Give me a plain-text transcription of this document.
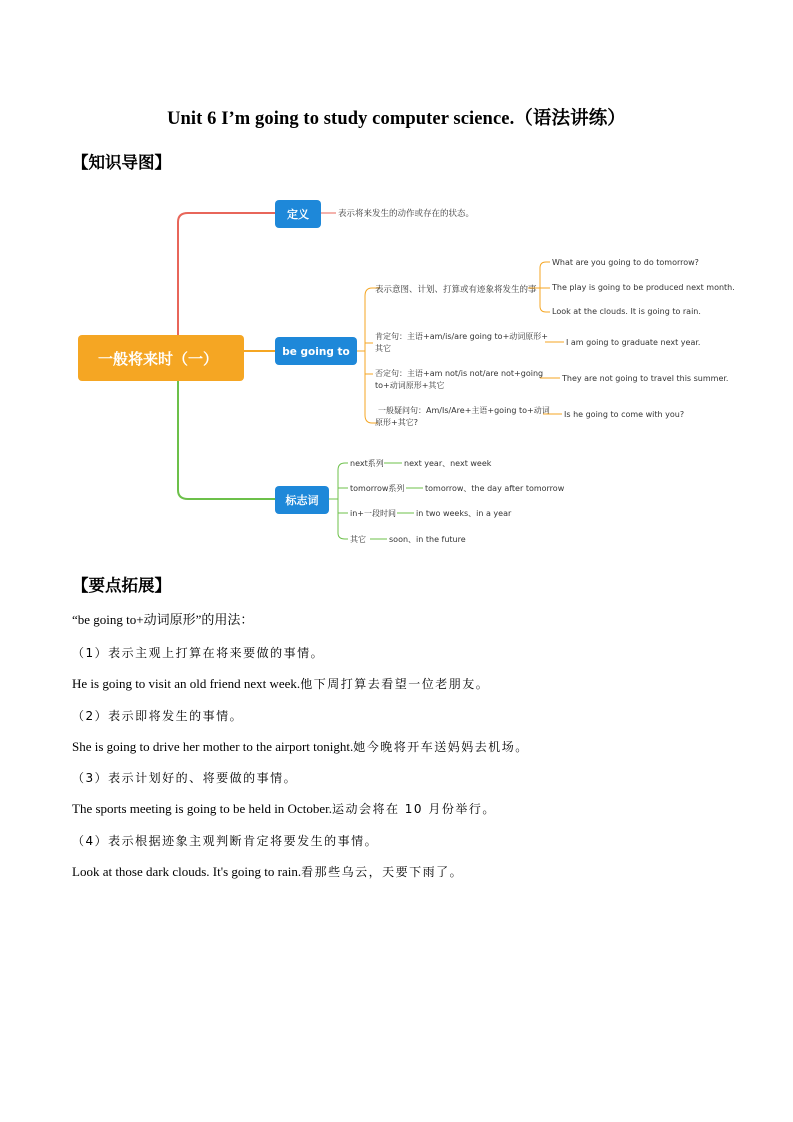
Unit 6 I’m going to study computer science.（语法讲练）
【知识导图】
一般将来时（一）
定义	表示将来发生的动作或存在的状态。
be going to
表示意图、计划、打算或有迹象将发生的事
What are you going to do tomorrow?
The play is going to be produced next month.
Look at the clouds. It is going to rain.
肯定句：主语+am/is/are going to+动词原形+
其它
I am going to graduate next year.
否定句：主语+am not/is not/are not+going
to+动词原形+其它
They are not going to travel this summer.
一般疑问句：Am/Is/Are+主语+going to+动词
原形+其它?
Is he going to come with you?
标志词
next系列	next year、next week
tomorrow系列	tomorrow、the day after tomorrow
in+一段时间	in two weeks、in a year
其它	soon、in the future
【要点拓展】
“be going to+动词原形”的用法：
（1）表示主观上打算在将来要做的事情。
He is going to visit an old friend next week.他下周打算去看望一位老朋友。
（2）表示即将发生的事情。
She is going to drive her mother to the airport tonight.她今晚将开车送妈妈去机场。
（3）表示计划好的、将要做的事情。
The sports meeting is going to be held in October.运动会将在 10 月份举行。
（4）表示根据迹象主观判断肯定将要发生的事情。
Look at those dark clouds. It's going to rain.看那些乌云，天要下雨了。
